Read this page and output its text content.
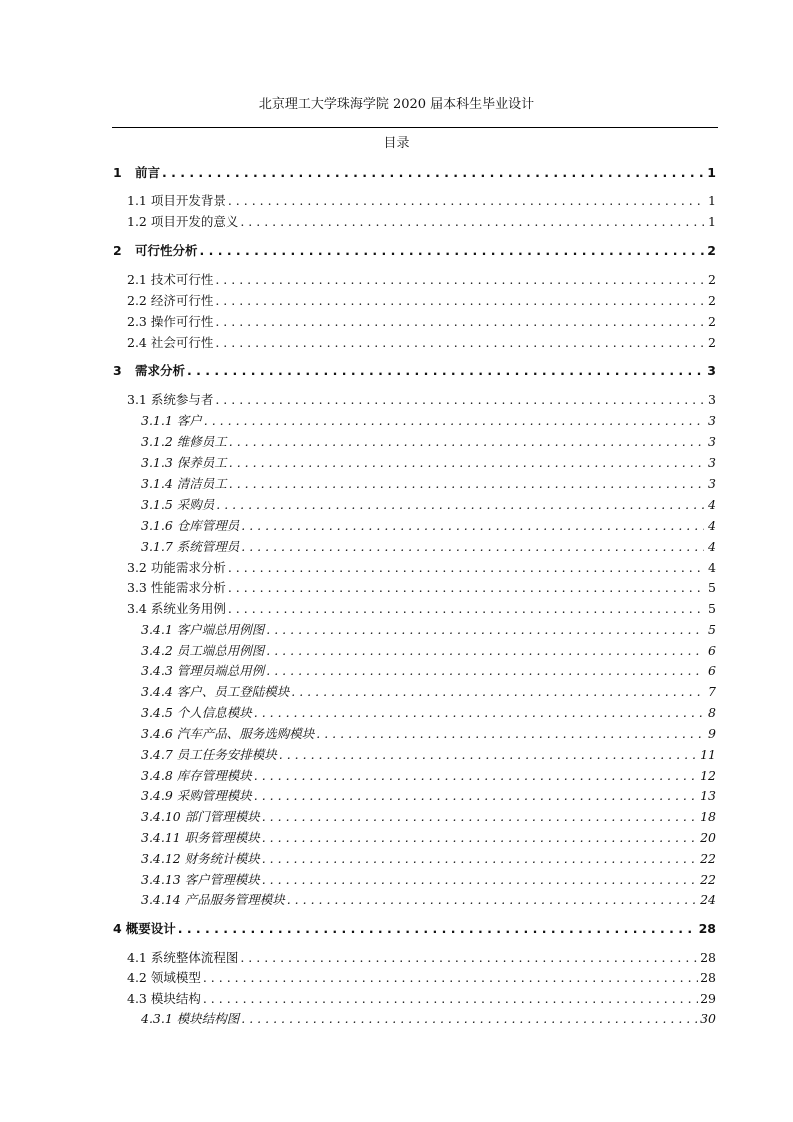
北京理工大学珠海学院 2020 届本科生毕业设计
目录
1 前言 . . .	1
1.1 项目开发背景 . . .	1
1.2 项目开发的意义 . . .	1
2 可行性分析 . . .	2
2.1 技术可行性 . . .	2
2.2 经济可行性 . . .	2
2.3 操作可行性 . . .	2
2.4 社会可行性 . . .	2
3 需求分析 . . .	3
3.1 系统参与者 . . .	3
3.1.1 客户 . . .	3
3.1.2 维修员工 . . .	3
3.1.3 保养员工 . . .	3
3.1.4 清洁员工 . . .	3
3.1.5 采购员 . . .	4
3.1.6 仓库管理员 . . .	4
3.1.7 系统管理员 . . .	4
3.2 功能需求分析 . . .	4
3.3 性能需求分析 . . .	5
3.4 系统业务用例 . . .	5
3.4.1 客户端总用例图 . . .	5
3.4.2 员工端总用例图 . . .	6
3.4.3 管理员端总用例 . . .	6
3.4.4 客户、员工登陆模块 . . .	7
3.4.5 个人信息模块 . . .	8
3.4.6 汽车产品、服务选购模块 . . .	9
3.4.7 员工任务安排模块 . . .	11
3.4.8 库存管理模块 . . .	12
3.4.9 采购管理模块 . . .	13
3.4.10 部门管理模块 . . .	18
3.4.11 职务管理模块 . . .	20
3.4.12 财务统计模块 . . .	22
3.4.13 客户管理模块 . . .	22
3.4.14 产品服务管理模块 . . .	24
4 概要设计 . . .	28
4.1 系统整体流程图 . . .	28
4.2 领域模型 . . .	28
4.3 模块结构 . . .	29
4.3.1 模块结构图 . . .	30
